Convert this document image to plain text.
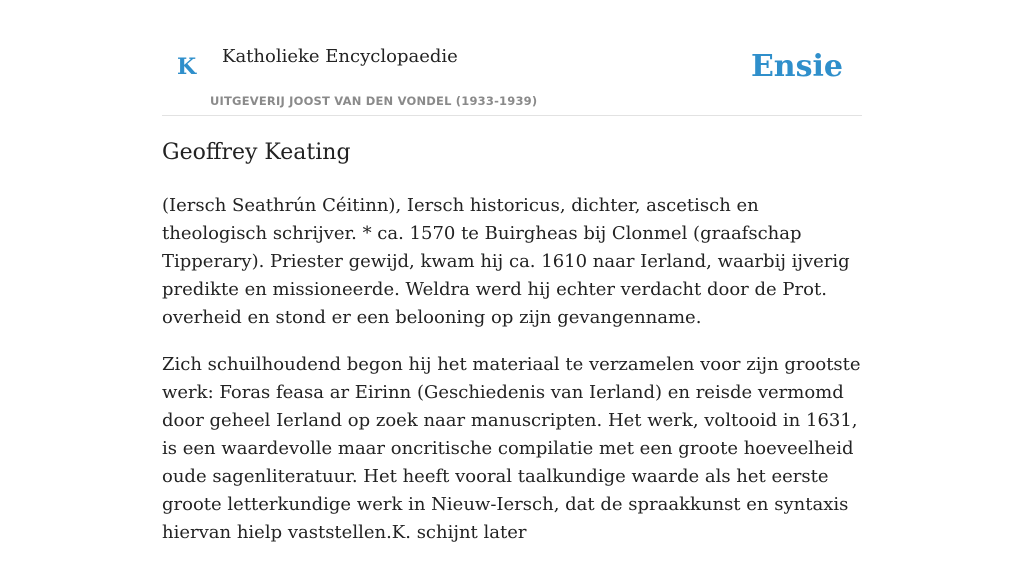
K Katholieke Encyclopaedie
UITGEVERIJ JOOST VAN DEN VONDEL (1933-1939)
Ensie
Geoffrey Keating

(Iersch Seathrún Céitinn), Iersch historicus, dichter, ascetisch en theologisch schrijver. * ca. 1570 te Buirgheas bij Clonmel (graafschap Tipperary). Priester gewijd, kwam hij ca. 1610 naar Ierland, waarbij ijverig predikte en missioneerde. Weldra werd hij echter verdacht door de Prot. overheid en stond er een belooning op zijn gevangenname.

Zich schuilhoudend begon hij het materiaal te verzamelen voor zijn grootste werk: Foras feasa ar Eirinn (Geschiedenis van Ierland) en reisde vermomd door geheel Ierland op zoek naar manuscripten. Het werk, voltooid in 1631, is een waardevolle maar oncritische compilatie met een groote hoeveelheid oude sagenliteratuur. Het heeft vooral taalkundige waarde als het eerste groote letterkundige werk in Nieuw-Iersch, dat de spraakkunst en syntaxis hiervan hielp vaststellen.K. schijnt later
